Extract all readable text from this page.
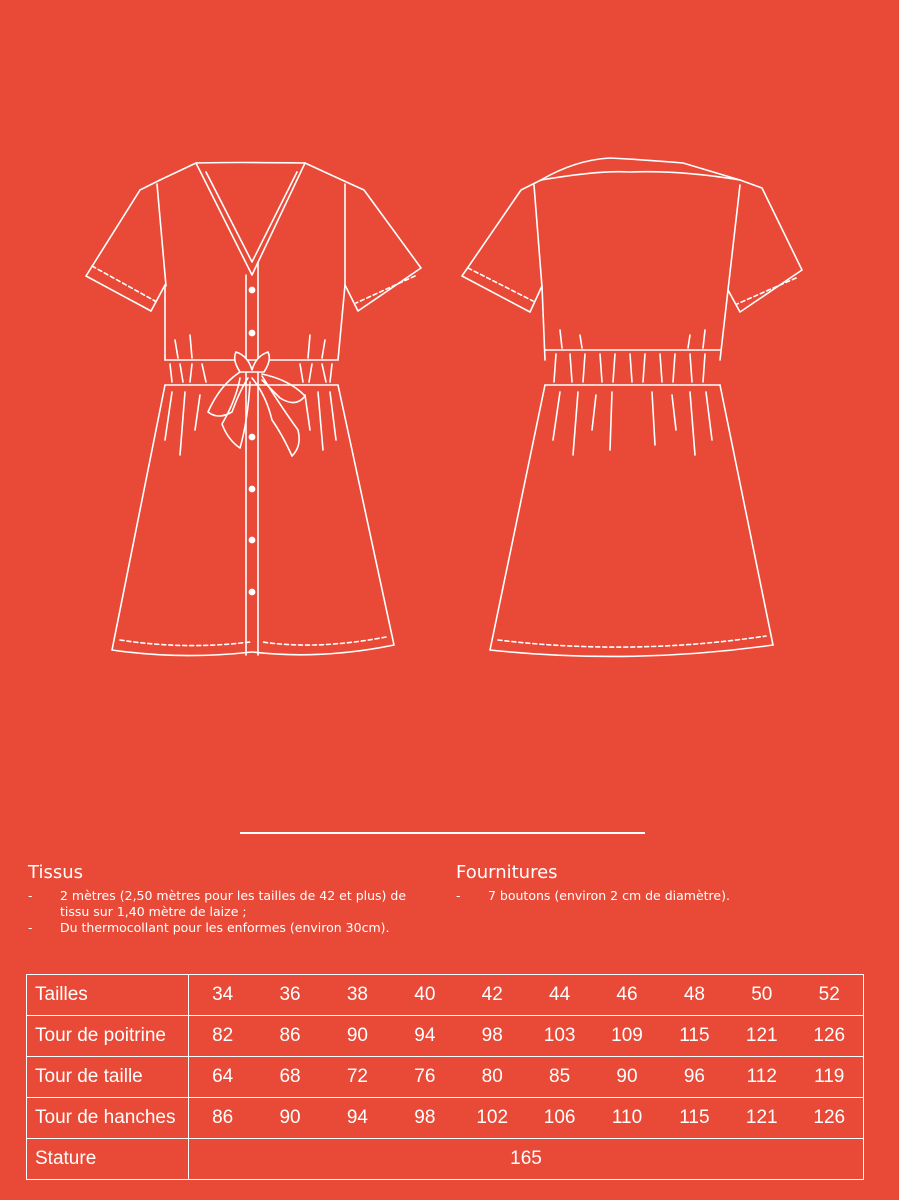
Tissus
- 2 mètres (2,50 mètres pour les tailles de 42 et plus) de tissu sur 1,40 mètre de laize ;
- Du thermocollant pour les enformes (environ 30cm).
Fournitures
- 7 boutons (environ 2 cm de diamètre).
Tailles	34	36	38	40	42	44	46	48	50	52
Tour de poitrine	82	86	90	94	98	103	109	115	121	126
Tour de taille	64	68	72	76	80	85	90	96	112	119
Tour de hanches	86	90	94	98	102	106	110	115	121	126
Stature	165									
